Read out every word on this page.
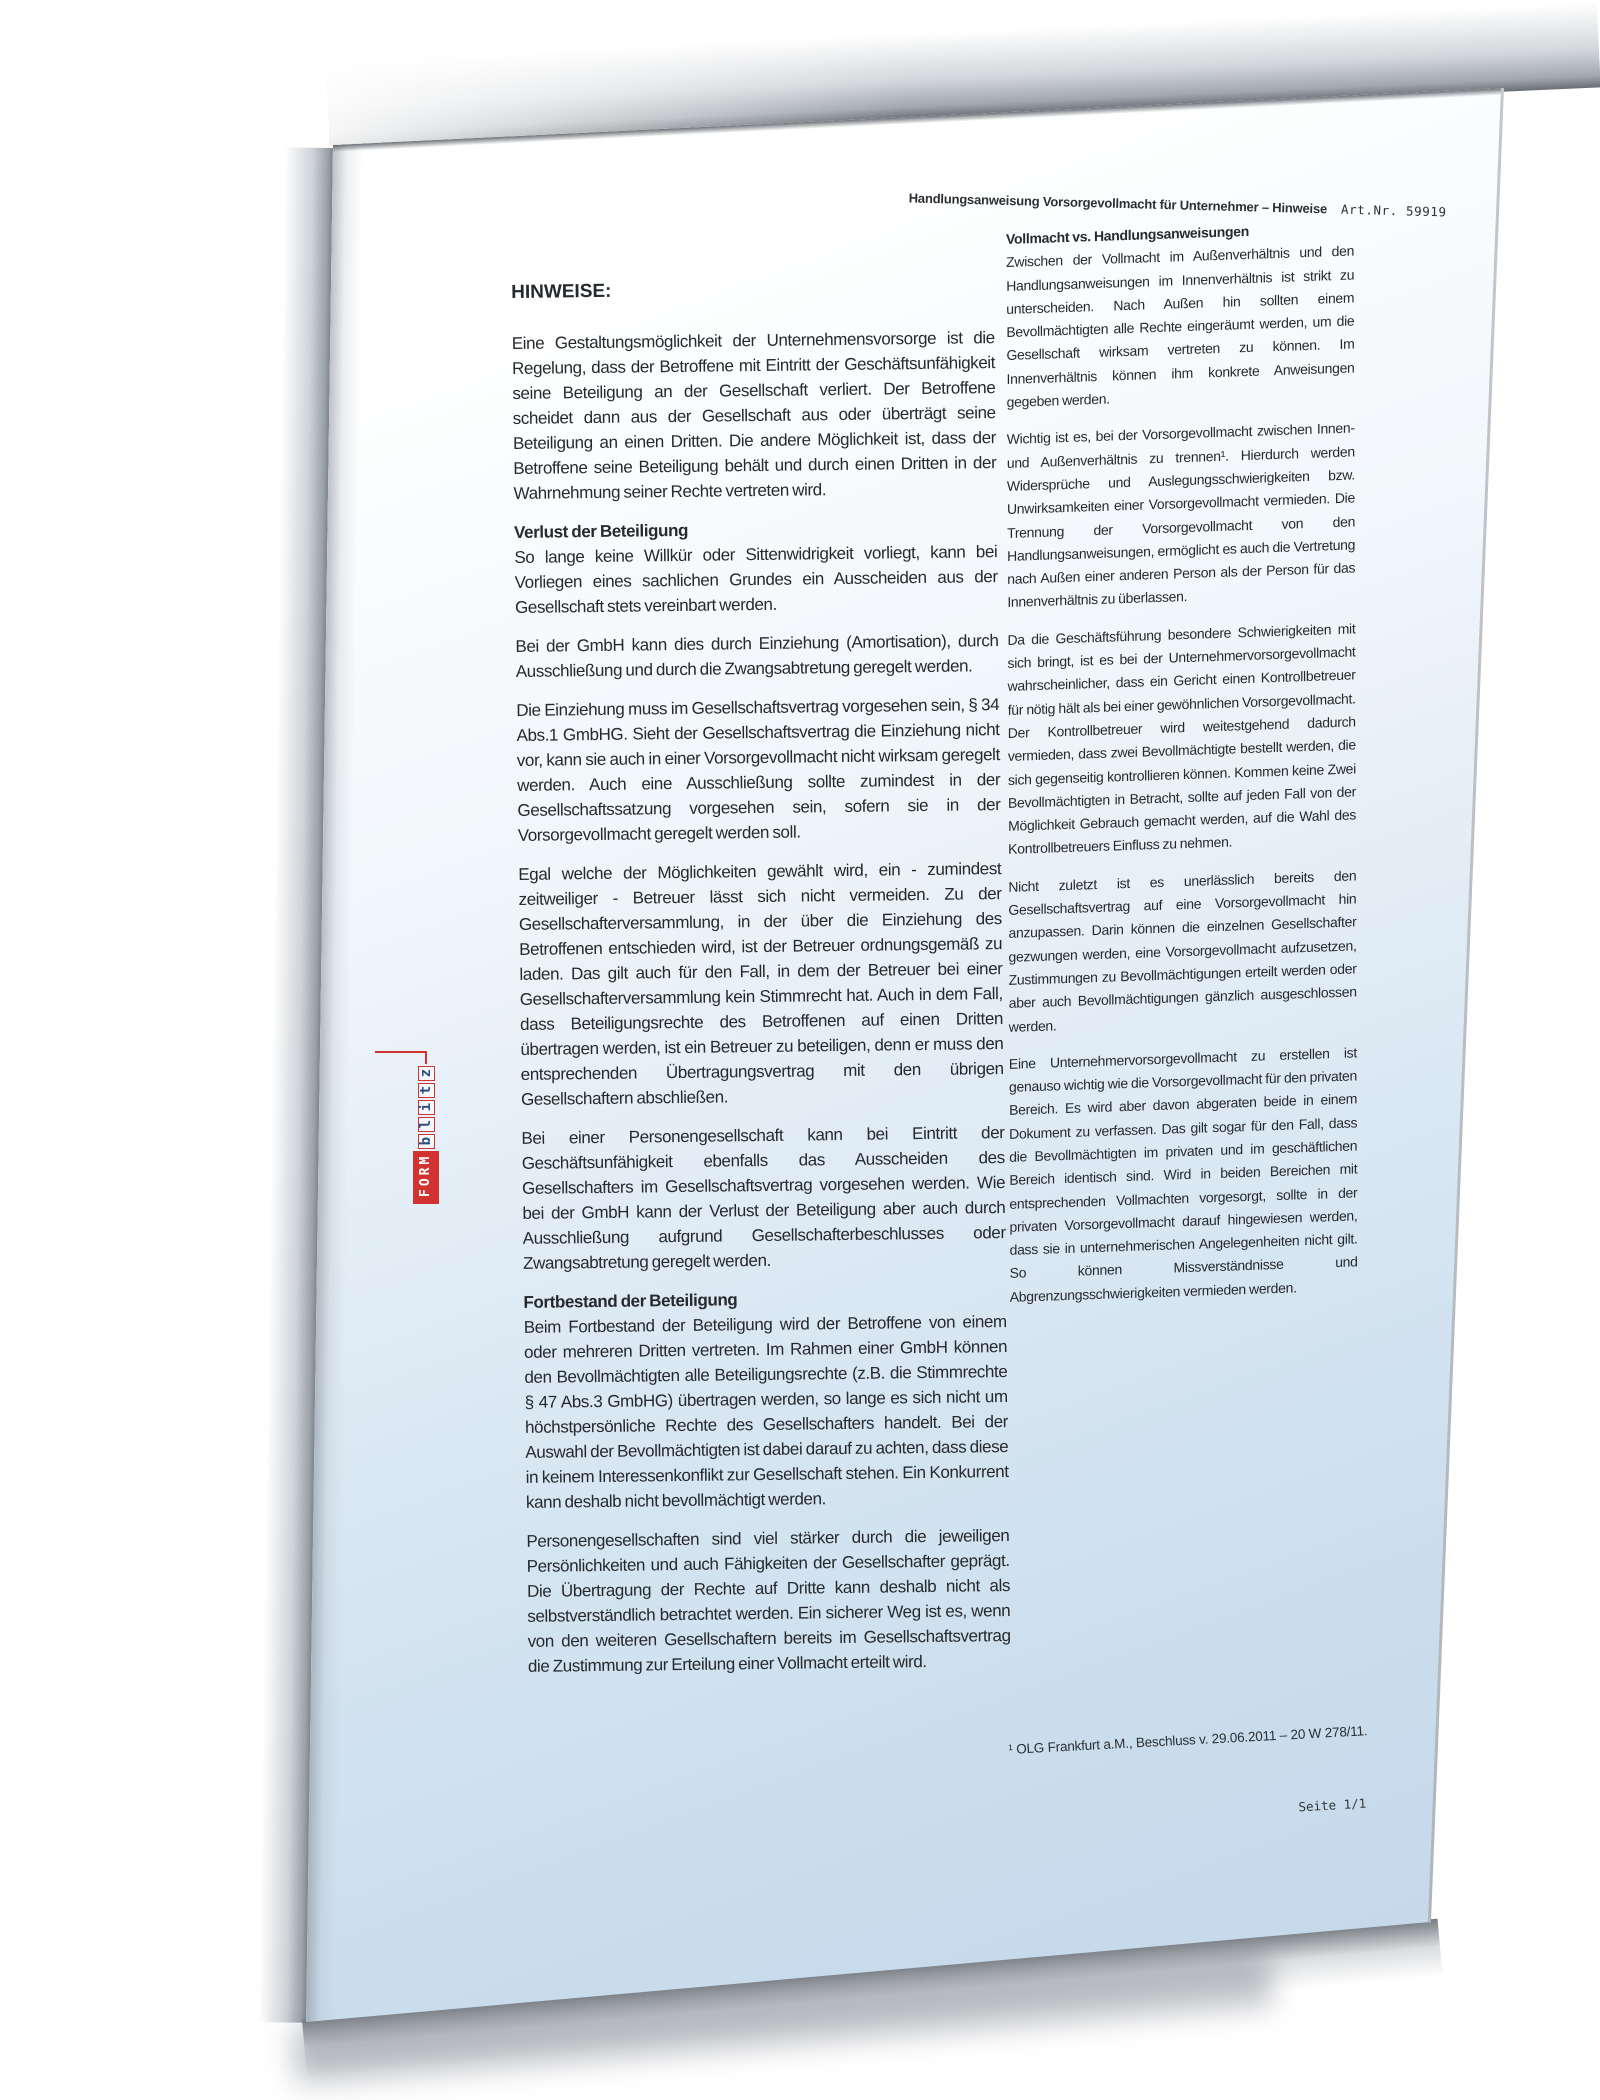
Handlungsanweisung Vorsorgevollmacht für Unternehmer – Hinweise Art.Nr. 59919
HINWEISE:

Eine Gestaltungsmöglichkeit der Unternehmensvorsorge ist die Regelung, dass der Betroffene mit Eintritt der Geschäftsunfähigkeit seine Beteiligung an der Gesellschaft verliert. Der Betroffene scheidet dann aus der Gesellschaft aus oder überträgt seine Beteiligung an einen Dritten. Die andere Möglichkeit ist, dass der Betroffene seine Beteiligung behält und durch einen Dritten in der Wahrnehmung seiner Rechte vertreten wird.

Verlust der Beteiligung

So lange keine Willkür oder Sittenwidrigkeit vorliegt, kann bei Vorliegen eines sachlichen Grundes ein Ausscheiden aus der Gesellschaft stets vereinbart werden.

Bei der GmbH kann dies durch Einziehung (Amortisation), durch Ausschließung und durch die Zwangsabtretung geregelt werden.

Die Einziehung muss im Gesellschaftsvertrag vorgesehen sein, § 34 Abs.1 GmbHG. Sieht der Gesellschaftsvertrag die Einziehung nicht vor, kann sie auch in einer Vorsorgevollmacht nicht wirksam geregelt werden. Auch eine Ausschließung sollte zumindest in der Gesellschaftssatzung vorgesehen sein, sofern sie in der Vorsorgevollmacht geregelt werden soll.

Egal welche der Möglichkeiten gewählt wird, ein - zumindest zeitweiliger - Betreuer lässt sich nicht vermeiden. Zu der Gesellschafterversammlung, in der über die Einziehung des Betroffenen entschieden wird, ist der Betreuer ordnungsgemäß zu laden. Das gilt auch für den Fall, in dem der Betreuer bei einer Gesellschafterversammlung kein Stimmrecht hat. Auch in dem Fall, dass Beteiligungsrechte des Betroffenen auf einen Dritten übertragen werden, ist ein Betreuer zu beteiligen, denn er muss den entsprechenden Übertragungsvertrag mit den übrigen Gesellschaftern abschließen.

Bei einer Personengesellschaft kann bei Eintritt der Geschäftsunfähigkeit ebenfalls das Ausscheiden des Gesellschafters im Gesellschaftsvertrag vorgesehen werden. Wie bei der GmbH kann der Verlust der Beteiligung aber auch durch Ausschließung aufgrund Gesellschafterbeschlusses oder Zwangsabtretung geregelt werden.

Fortbestand der Beteiligung

Beim Fortbestand der Beteiligung wird der Betroffene von einem oder mehreren Dritten vertreten. Im Rahmen einer GmbH können den Bevollmächtigten alle Beteiligungsrechte (z.B. die Stimmrechte § 47 Abs.3 GmbHG) übertragen werden, so lange es sich nicht um höchstpersönliche Rechte des Gesellschafters handelt. Bei der Auswahl der Bevollmächtigten ist dabei darauf zu achten, dass diese in keinem Interessenkonflikt zur Gesellschaft stehen. Ein Konkurrent kann deshalb nicht bevollmächtigt werden.

Personengesellschaften sind viel stärker durch die jeweiligen Persönlichkeiten und auch Fähigkeiten der Gesellschafter geprägt. Die Übertragung der Rechte auf Dritte kann deshalb nicht als selbstverständlich betrachtet werden. Ein sicherer Weg ist es, wenn von den weiteren Gesellschaftern bereits im Gesellschaftsvertrag die Zustimmung zur Erteilung einer Vollmacht erteilt wird.

Vollmacht vs. Handlungsanweisungen

Zwischen der Vollmacht im Außenverhältnis und den Handlungsanweisungen im Innenverhältnis ist strikt zu unterscheiden. Nach Außen hin sollten einem Bevollmächtigten alle Rechte eingeräumt werden, um die Gesellschaft wirksam vertreten zu können. Im Innenverhältnis können ihm konkrete Anweisungen gegeben werden.

Wichtig ist es, bei der Vorsorgevollmacht zwischen Innen- und Außenverhältnis zu trennen¹. Hierdurch werden Widersprüche und Auslegungsschwierigkeiten bzw. Unwirksamkeiten einer Vorsorgevollmacht vermieden. Die Trennung der Vorsorgevollmacht von den Handlungsanweisungen, ermöglicht es auch die Vertretung nach Außen einer anderen Person als der Person für das Innenverhältnis zu überlassen.

Da die Geschäftsführung besondere Schwierigkeiten mit sich bringt, ist es bei der Unternehmervorsorgevollmacht wahrscheinlicher, dass ein Gericht einen Kontrollbetreuer für nötig hält als bei einer gewöhnlichen Vorsorgevollmacht. Der Kontrollbetreuer wird weitestgehend dadurch vermieden, dass zwei Bevollmächtigte bestellt werden, die sich gegenseitig kontrollieren können. Kommen keine Zwei Bevollmächtigten in Betracht, sollte auf jeden Fall von der Möglichkeit Gebrauch gemacht werden, auf die Wahl des Kontrollbetreuers Einfluss zu nehmen.

Nicht zuletzt ist es unerlässlich bereits den Gesellschaftsvertrag auf eine Vorsorgevollmacht hin anzupassen. Darin können die einzelnen Gesellschafter gezwungen werden, eine Vorsorgevollmacht aufzusetzen, Zustimmungen zu Bevollmächtigungen erteilt werden oder aber auch Bevollmächtigungen gänzlich ausgeschlossen werden.

Eine Unternehmervorsorgevollmacht zu erstellen ist genauso wichtig wie die Vorsorgevollmacht für den privaten Bereich. Es wird aber davon abgeraten beide in einem Dokument zu verfassen. Das gilt sogar für den Fall, dass die Bevollmächtigten im privaten und im geschäftlichen Bereich identisch sind. Wird in beiden Bereichen mit entsprechenden Vollmachten vorgesorgt, sollte in der privaten Vorsorgevollmacht darauf hingewiesen werden, dass sie in unternehmerischen Angelegenheiten nicht gilt. So können Missverständnisse und Abgrenzungsschwierigkeiten vermieden werden.

¹ OLG Frankfurt a.M., Beschluss v. 29.06.2011 – 20 W 278/11.
Seite 1/1
FORM
b
l
i
t
z
